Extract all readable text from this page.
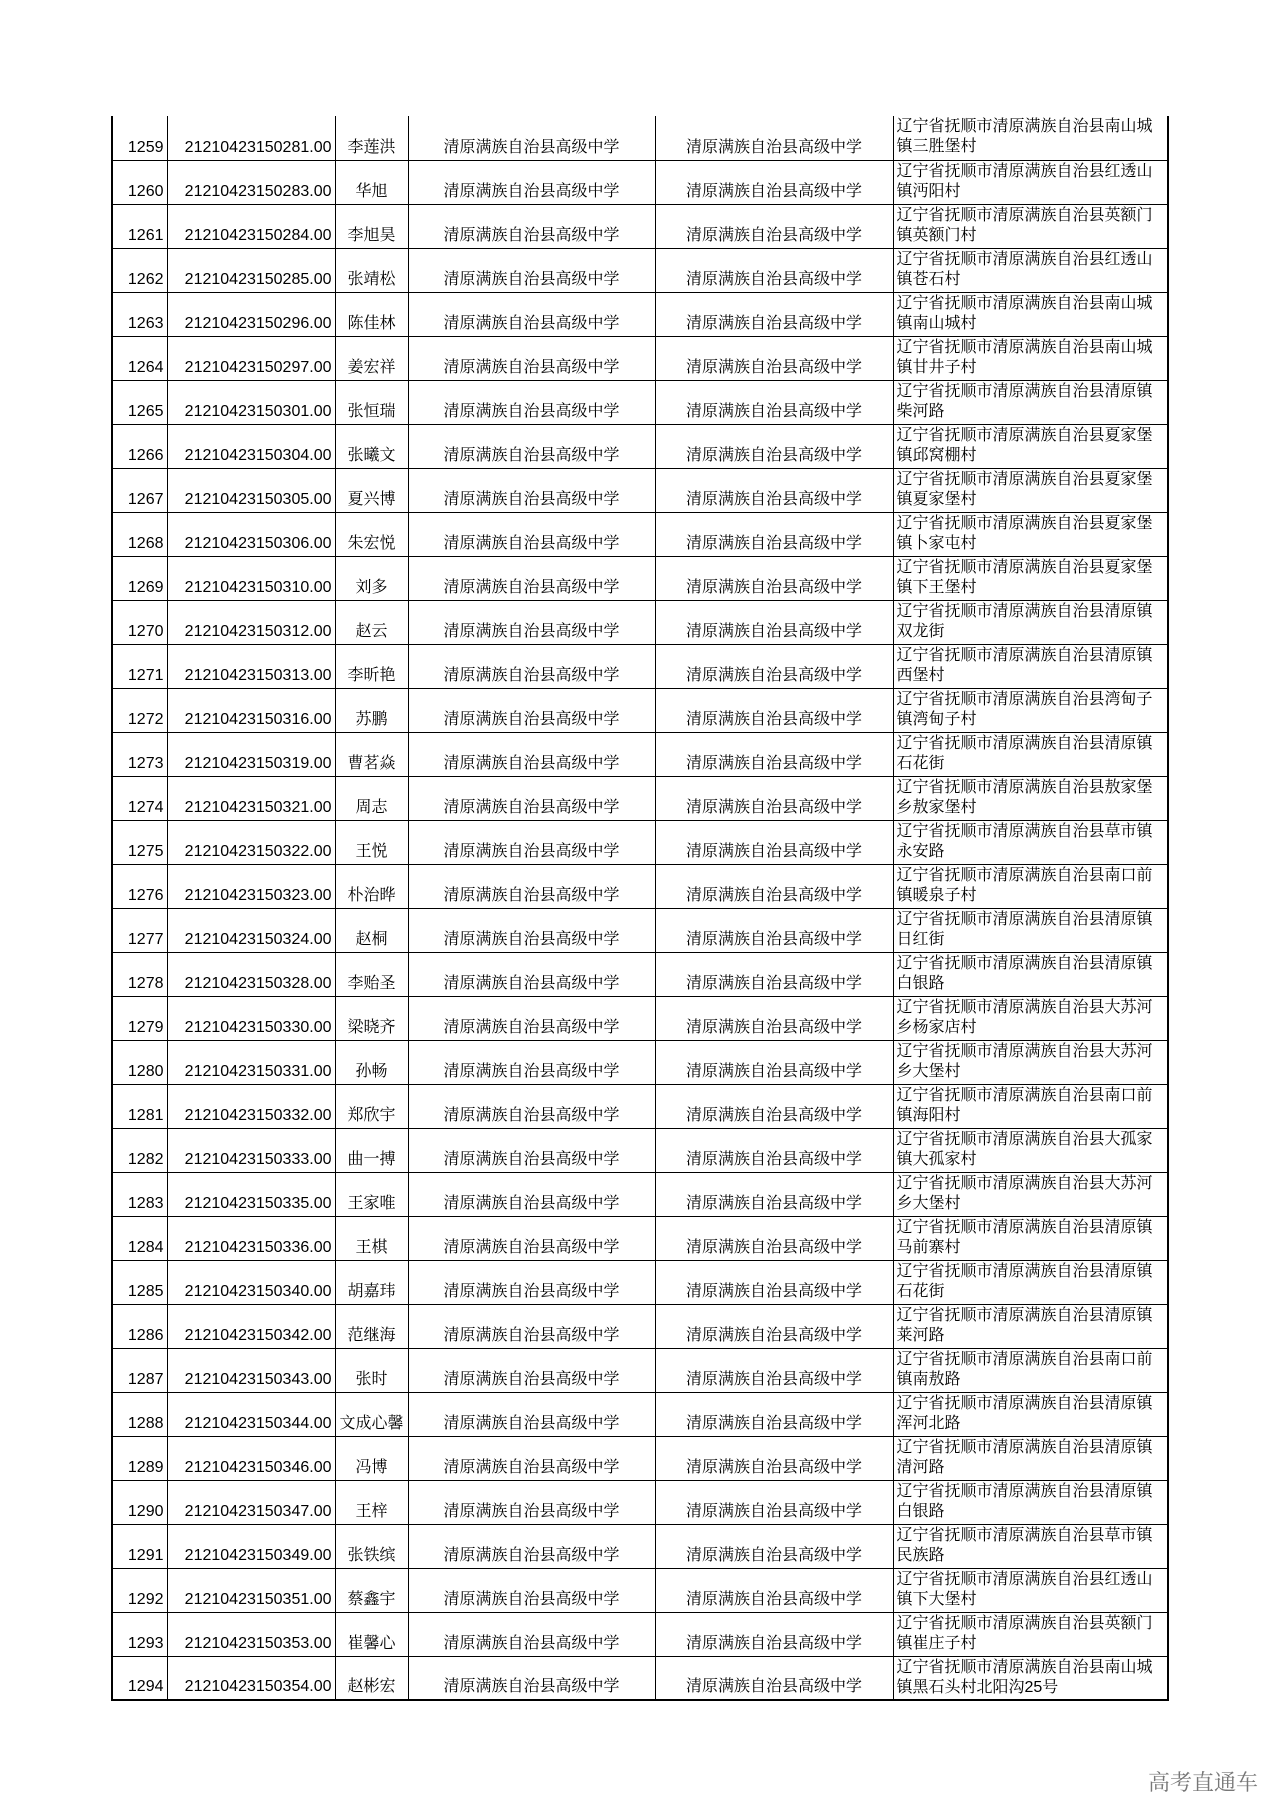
1259	21210423150281.00	李莲洪	清原满族自治县高级中学	清原满族自治县高级中学	辽宁省抚顺市清原满族自治县南山城
镇三胜堡村

1260	21210423150283.00	华旭	清原满族自治县高级中学	清原满族自治县高级中学	辽宁省抚顺市清原满族自治县红透山
镇沔阳村

1261	21210423150284.00	李旭昊	清原满族自治县高级中学	清原满族自治县高级中学	辽宁省抚顺市清原满族自治县英额门
镇英额门村

1262	21210423150285.00	张靖松	清原满族自治县高级中学	清原满族自治县高级中学	辽宁省抚顺市清原满族自治县红透山
镇苍石村

1263	21210423150296.00	陈佳林	清原满族自治县高级中学	清原满族自治县高级中学	辽宁省抚顺市清原满族自治县南山城
镇南山城村

1264	21210423150297.00	姜宏祥	清原满族自治县高级中学	清原满族自治县高级中学	辽宁省抚顺市清原满族自治县南山城
镇甘井子村

1265	21210423150301.00	张恒瑞	清原满族自治县高级中学	清原满族自治县高级中学	辽宁省抚顺市清原满族自治县清原镇
柴河路

1266	21210423150304.00	张曦文	清原满族自治县高级中学	清原满族自治县高级中学	辽宁省抚顺市清原满族自治县夏家堡
镇邱窝棚村

1267	21210423150305.00	夏兴博	清原满族自治县高级中学	清原满族自治县高级中学	辽宁省抚顺市清原满族自治县夏家堡
镇夏家堡村

1268	21210423150306.00	朱宏悦	清原满族自治县高级中学	清原满族自治县高级中学	辽宁省抚顺市清原满族自治县夏家堡
镇卜家屯村

1269	21210423150310.00	刘多	清原满族自治县高级中学	清原满族自治县高级中学	辽宁省抚顺市清原满族自治县夏家堡
镇下王堡村

1270	21210423150312.00	赵云	清原满族自治县高级中学	清原满族自治县高级中学	辽宁省抚顺市清原满族自治县清原镇
双龙街

1271	21210423150313.00	李昕艳	清原满族自治县高级中学	清原满族自治县高级中学	辽宁省抚顺市清原满族自治县清原镇
西堡村

1272	21210423150316.00	苏鹏	清原满族自治县高级中学	清原满族自治县高级中学	辽宁省抚顺市清原满族自治县湾甸子
镇湾甸子村

1273	21210423150319.00	曹茗焱	清原满族自治县高级中学	清原满族自治县高级中学	辽宁省抚顺市清原满族自治县清原镇
石花街

1274	21210423150321.00	周志	清原满族自治县高级中学	清原满族自治县高级中学	辽宁省抚顺市清原满族自治县敖家堡
乡敖家堡村

1275	21210423150322.00	王悦	清原满族自治县高级中学	清原满族自治县高级中学	辽宁省抚顺市清原满族自治县草市镇
永安路

1276	21210423150323.00	朴治晔	清原满族自治县高级中学	清原满族自治县高级中学	辽宁省抚顺市清原满族自治县南口前
镇暖泉子村

1277	21210423150324.00	赵桐	清原满族自治县高级中学	清原满族自治县高级中学	辽宁省抚顺市清原满族自治县清原镇
日红街

1278	21210423150328.00	李贻圣	清原满族自治县高级中学	清原满族自治县高级中学	辽宁省抚顺市清原满族自治县清原镇
白银路

1279	21210423150330.00	梁晓齐	清原满族自治县高级中学	清原满族自治县高级中学	辽宁省抚顺市清原满族自治县大苏河
乡杨家店村

1280	21210423150331.00	孙畅	清原满族自治县高级中学	清原满族自治县高级中学	辽宁省抚顺市清原满族自治县大苏河
乡大堡村

1281	21210423150332.00	郑欣宇	清原满族自治县高级中学	清原满族自治县高级中学	辽宁省抚顺市清原满族自治县南口前
镇海阳村

1282	21210423150333.00	曲一搏	清原满族自治县高级中学	清原满族自治县高级中学	辽宁省抚顺市清原满族自治县大孤家
镇大孤家村

1283	21210423150335.00	王家唯	清原满族自治县高级中学	清原满族自治县高级中学	辽宁省抚顺市清原满族自治县大苏河
乡大堡村

1284	21210423150336.00	王棋	清原满族自治县高级中学	清原满族自治县高级中学	辽宁省抚顺市清原满族自治县清原镇
马前寨村

1285	21210423150340.00	胡嘉玮	清原满族自治县高级中学	清原满族自治县高级中学	辽宁省抚顺市清原满族自治县清原镇
石花街

1286	21210423150342.00	范继海	清原满族自治县高级中学	清原满族自治县高级中学	辽宁省抚顺市清原满族自治县清原镇
莱河路

1287	21210423150343.00	张时	清原满族自治县高级中学	清原满族自治县高级中学	辽宁省抚顺市清原满族自治县南口前
镇南敖路

1288	21210423150344.00	文成心馨	清原满族自治县高级中学	清原满族自治县高级中学	辽宁省抚顺市清原满族自治县清原镇
浑河北路

1289	21210423150346.00	冯博	清原满族自治县高级中学	清原满族自治县高级中学	辽宁省抚顺市清原满族自治县清原镇
清河路

1290	21210423150347.00	王梓	清原满族自治县高级中学	清原满族自治县高级中学	辽宁省抚顺市清原满族自治县清原镇
白银路

1291	21210423150349.00	张铁缤	清原满族自治县高级中学	清原满族自治县高级中学	辽宁省抚顺市清原满族自治县草市镇
民族路

1292	21210423150351.00	蔡鑫宇	清原满族自治县高级中学	清原满族自治县高级中学	辽宁省抚顺市清原满族自治县红透山
镇下大堡村

1293	21210423150353.00	崔馨心	清原满族自治县高级中学	清原满族自治县高级中学	辽宁省抚顺市清原满族自治县英额门
镇崔庄子村

1294	21210423150354.00	赵彬宏	清原满族自治县高级中学	清原满族自治县高级中学	辽宁省抚顺市清原满族自治县南山城
镇黑石头村北阳沟25号
高考直通车
